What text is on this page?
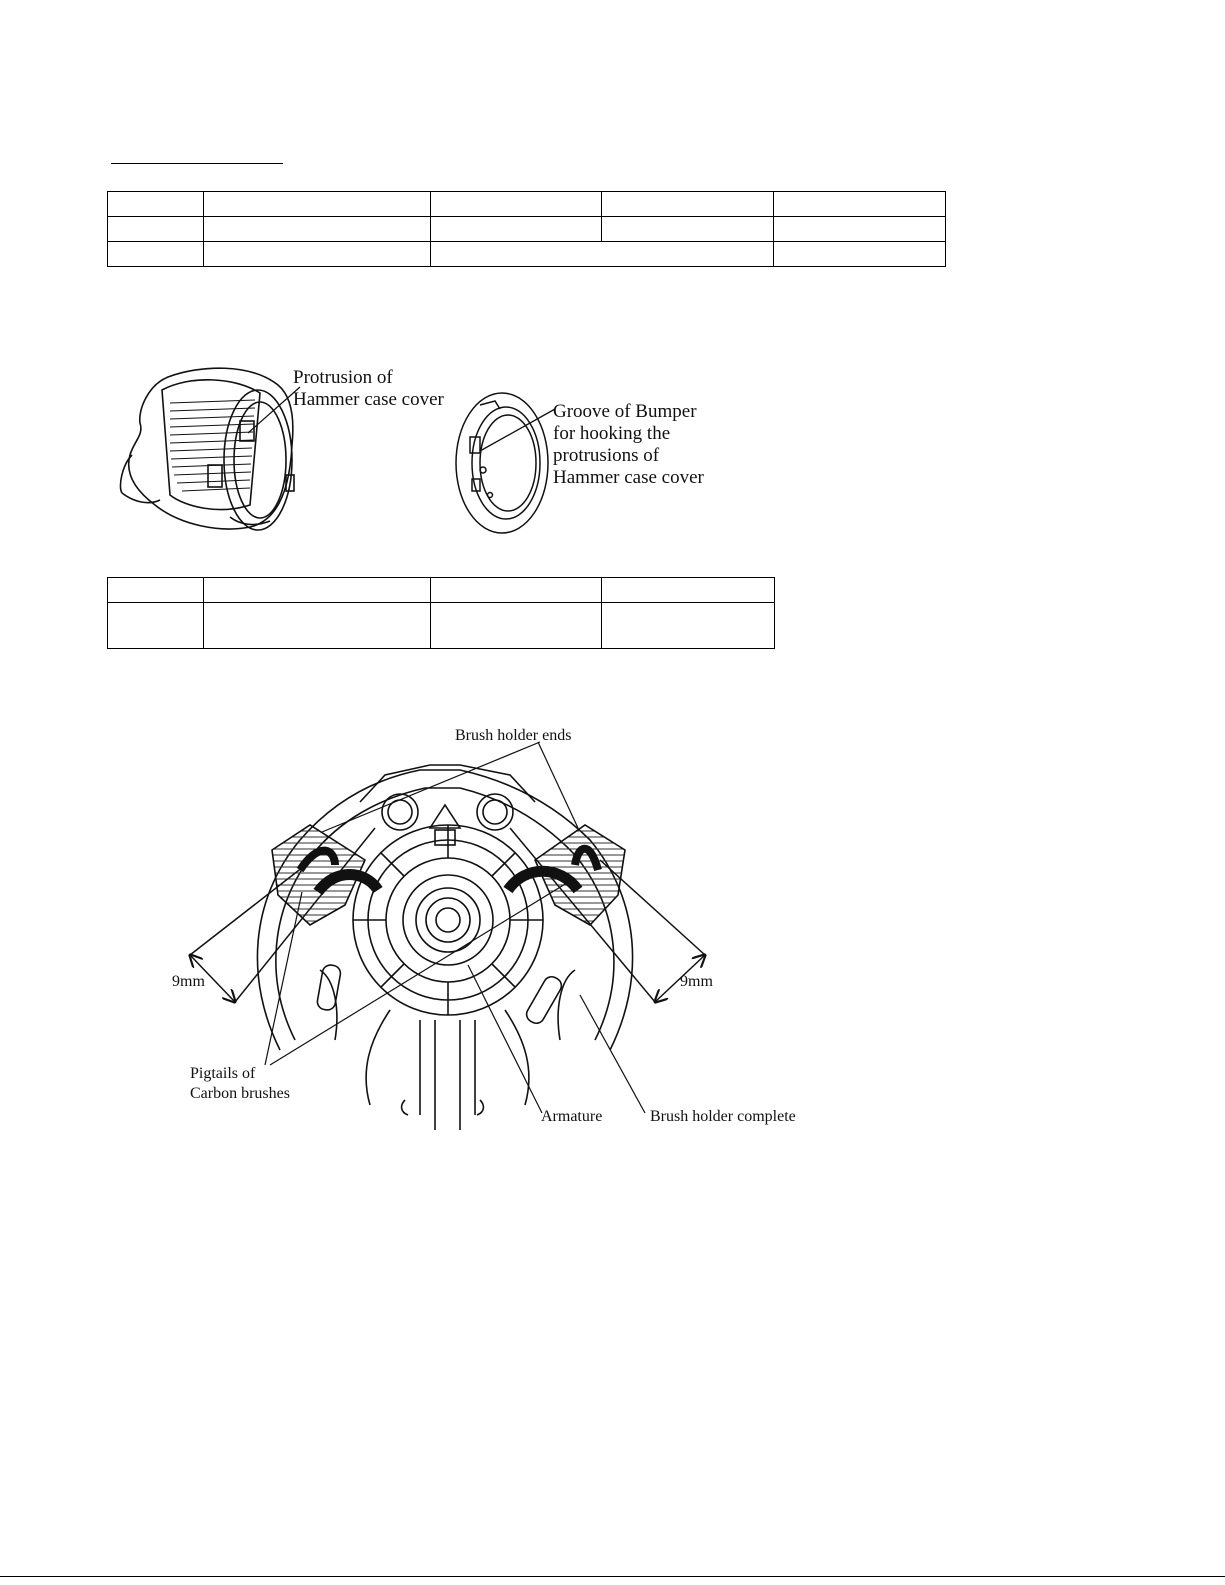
Protrusion of
Hammer case cover
Groove of Bumper
for hooking the
protrusions of
Hammer case cover
Brush holder ends
9mm	9mm
Pigtails of
Carbon brushes
Armature	Brush holder complete
